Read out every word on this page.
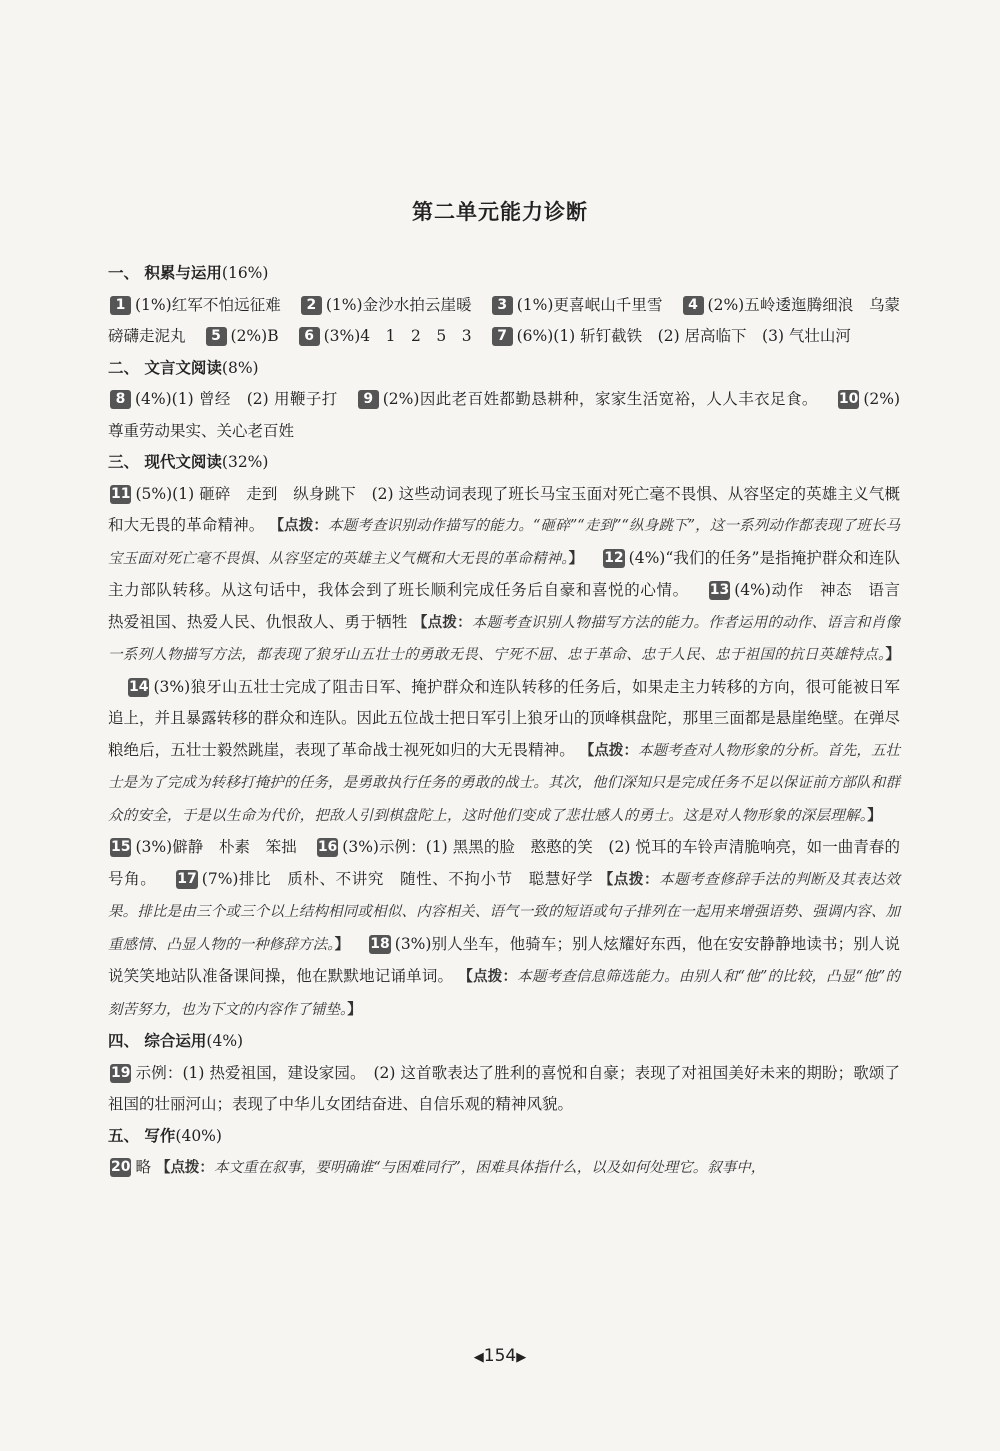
第二单元能力诊断
一、 积累与运用(16%)
1 (1%)红军不怕远征难 2 (1%)金沙水拍云崖暖 3 (1%)更喜岷山千里雪 4 (2%)五岭逶迤腾细浪　乌蒙磅礴走泥丸 5 (2%)B 6 (3%)4　1　2　5　3 7 (6%)(1) 斩钉截铁　(2) 居高临下　(3) 气壮山河
二、 文言文阅读(8%)
8 (4%)(1) 曾经　(2) 用鞭子打 9 (2%)因此老百姓都勤恳耕种，家家生活宽裕，人人丰衣足食。 10 (2%)尊重劳动果实、关心老百姓
三、 现代文阅读(32%)
11 (5%)(1) 砸碎　走到　纵身跳下　(2) 这些动词表现了班长马宝玉面对死亡毫不畏惧、从容坚定的英雄主义气概和大无畏的革命精神。 【点拨：本题考查识别动作描写的能力。“砸碎”“走到”“纵身跳下”，这一系列动作都表现了班长马宝玉面对死亡毫不畏惧、从容坚定的英雄主义气概和大无畏的革命精神。】 12 (4%)“我们的任务”是指掩护群众和连队主力部队转移。从这句话中，我体会到了班长顺利完成任务后自豪和喜悦的心情。 13 (4%)动作　神态　语言　热爱祖国、热爱人民、仇恨敌人、勇于牺牲 【点拨：本题考查识别人物描写方法的能力。作者运用的动作、语言和肖像一系列人物描写方法，都表现了狼牙山五壮士的勇敢无畏、宁死不屈、忠于革命、忠于人民、忠于祖国的抗日英雄特点。】14 (3%)狼牙山五壮士完成了阻击日军、掩护群众和连队转移的任务后，如果走主力转移的方向，很可能被日军追上，并且暴露转移的群众和连队。因此五位战士把日军引上狼牙山的顶峰棋盘陀，那里三面都是悬崖绝壁。在弹尽粮绝后，五壮士毅然跳崖，表现了革命战士视死如归的大无畏精神。 【点拨：本题考查对人物形象的分析。首先，五壮士是为了完成为转移打掩护的任务，是勇敢执行任务的勇敢的战士。其次，他们深知只是完成任务不足以保证前方部队和群众的安全，于是以生命为代价，把敌人引到棋盘陀上，这时他们变成了悲壮感人的勇士。这是对人物形象的深层理解。】15 (3%)僻静　朴素　笨拙 16 (3%)示例：(1) 黑黑的脸　憨憨的笑　(2) 悦耳的车铃声清脆响亮，如一曲青春的号角。 17 (7%)排比　质朴、不讲究　随性、不拘小节　聪慧好学 【点拨：本题考查修辞手法的判断及其表达效果。排比是由三个或三个以上结构相同或相似、内容相关、语气一致的短语或句子排列在一起用来增强语势、强调内容、加重感情、凸显人物的一种修辞方法。】 18 (3%)别人坐车，他骑车；别人炫耀好东西，他在安安静静地读书；别人说说笑笑地站队准备课间操，他在默默地记诵单词。 【点拨：本题考查信息筛选能力。由别人和“他”的比较，凸显“他”的刻苦努力，也为下文的内容作了铺垫。】
四、 综合运用(4%)
19 示例：(1) 热爱祖国，建设家园。　(2) 这首歌表达了胜利的喜悦和自豪；表现了对祖国美好未来的期盼；歌颂了祖国的壮丽河山；表现了中华儿女团结奋进、自信乐观的精神风貌。
五、 写作(40%)
20 略 【点拨：本文重在叙事，要明确谁“与困难同行”，困难具体指什么，以及如何处理它。叙事中，
◀154▶
